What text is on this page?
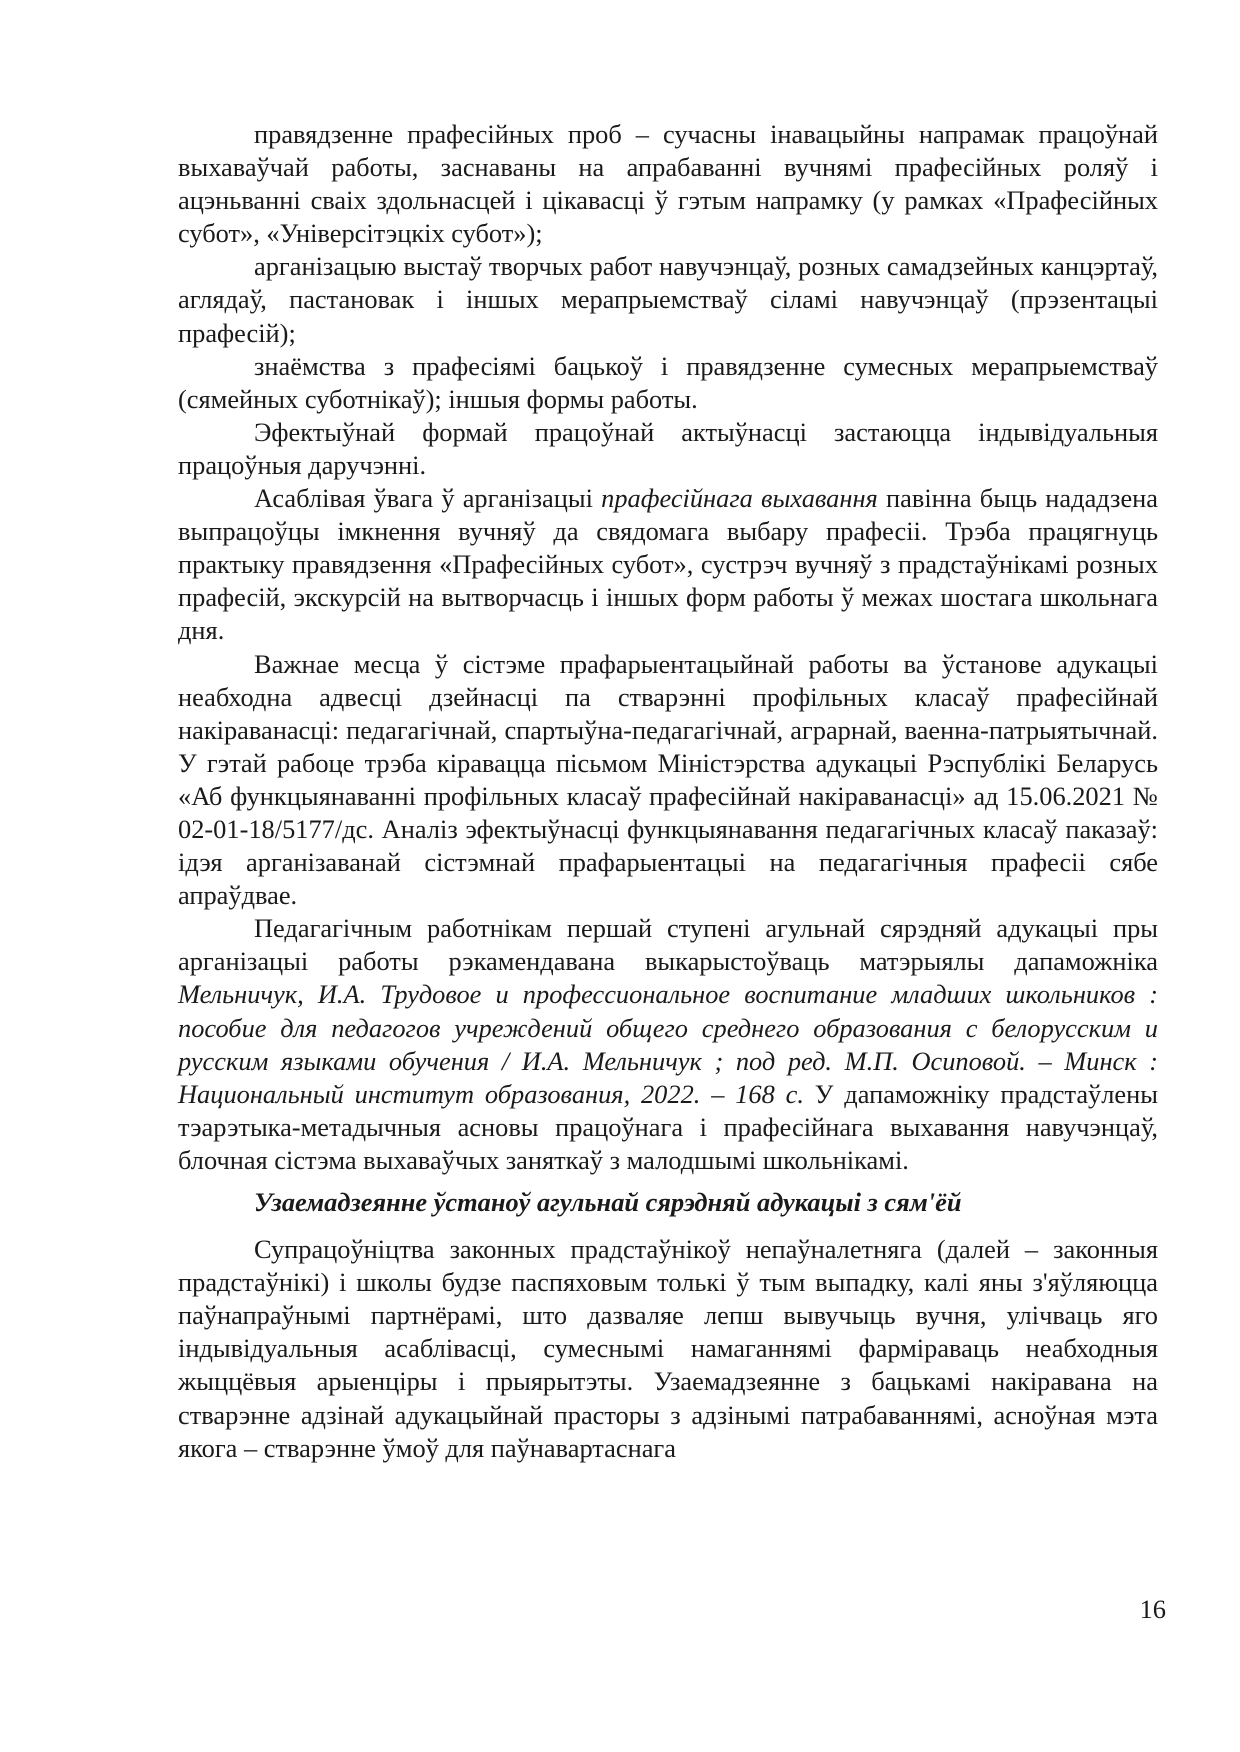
правядзенне прафесійных проб – сучасны інавацыйны напрамак працоўнай выхаваўчай работы, заснаваны на апрабаванні вучнямі прафесійных роляў і ацэньванні сваіх здольнасцей і цікавасці ў гэтым напрамку (у рамках «Прафесійных субот», «Універсітэцкіх субот»);

арганізацыю выстаў творчых работ навучэнцаў, розных самадзейных канцэртаў, аглядаў, пастановак і іншых мерапрыемстваў сіламі навучэнцаў (прэзентацыі прафесій);

знаёмства з прафесіямі бацькоў і правядзенне сумесных мерапрыемстваў (сямейных суботнікаў); іншыя формы работы.

Эфектыўнай формай працоўнай актыўнасці застаюцца індывідуальныя працоўныя даручэнні.

Асаблівая ўвага ў арганізацыі прафесійнага выхавання павінна быць нададзена выпрацоўцы імкнення вучняў да свядомага выбару прафесіі. Трэба працягнуць практыку правядзення «Прафесійных субот», сустрэч вучняў з прадстаўнікамі розных прафесій, экскурсій на вытворчасць і іншых форм работы ў межах шостага школьнага дня.

Важнае месца ў сістэме прафарыентацыйнай работы ва ўстанове адукацыі неабходна адвесці дзейнасці па стварэнні профільных класаў прафесійнай накіраванасці: педагагічнай, спартыўна-педагагічнай, аграрнай, ваенна-патрыятычнай. У гэтай рабоце трэба кіравацца пісьмом Міністэрства адукацыі Рэспублікі Беларусь «Аб функцыянаванні профільных класаў прафесійнай накіраванасці» ад 15.06.2021 № 02-01-18/5177/дс. Аналіз эфектыўнасці функцыянавання педагагічных класаў паказаў: ідэя арганізаванай сістэмнай прафарыентацыі на педагагічныя прафесіі сябе апраўдвае.

Педагагічным работнікам першай ступені агульнай сярэдняй адукацыі пры арганізацыі работы рэкамендавана выкарыстоўваць матэрыялы дапаможніка Мельничук, И.А. Трудовое и профессиональное воспитание младших школьников : пособие для педагогов учреждений общего среднего образования с белорусским и русским языками обучения / И.А. Мельничук ; под ред. М.П. Осиповой. – Минск : Национальный институт образования, 2022. – 168 с. У дапаможніку прадстаўлены тэарэтыка-метадычныя асновы працоўнага і прафесійнага выхавання навучэнцаў, блочная сістэма выхаваўчых заняткаў з малодшымі школьнікамі.

Узаемадзеянне ўстаноў агульнай сярэдняй адукацыі з сям'ёй

Супрацоўніцтва законных прадстаўнікоў непаўналетняга (далей – законныя прадстаўнікі) і школы будзе паспяховым толькі ў тым выпадку, калі яны з'яўляюцца паўнапраўнымі партнёрамі, што дазваляе лепш вывучыць вучня, улічваць яго індывідуальныя асаблівасці, сумеснымі намаганнямі фарміраваць неабходныя жыццёвыя арыенціры і прыярытэты. Узаемадзеянне з бацькамі накіравана на стварэнне адзінай адукацыйнай прасторы з адзінымі патрабаваннямі, асноўная мэта якога – стварэнне ўмоў для паўнавартаснага

16
